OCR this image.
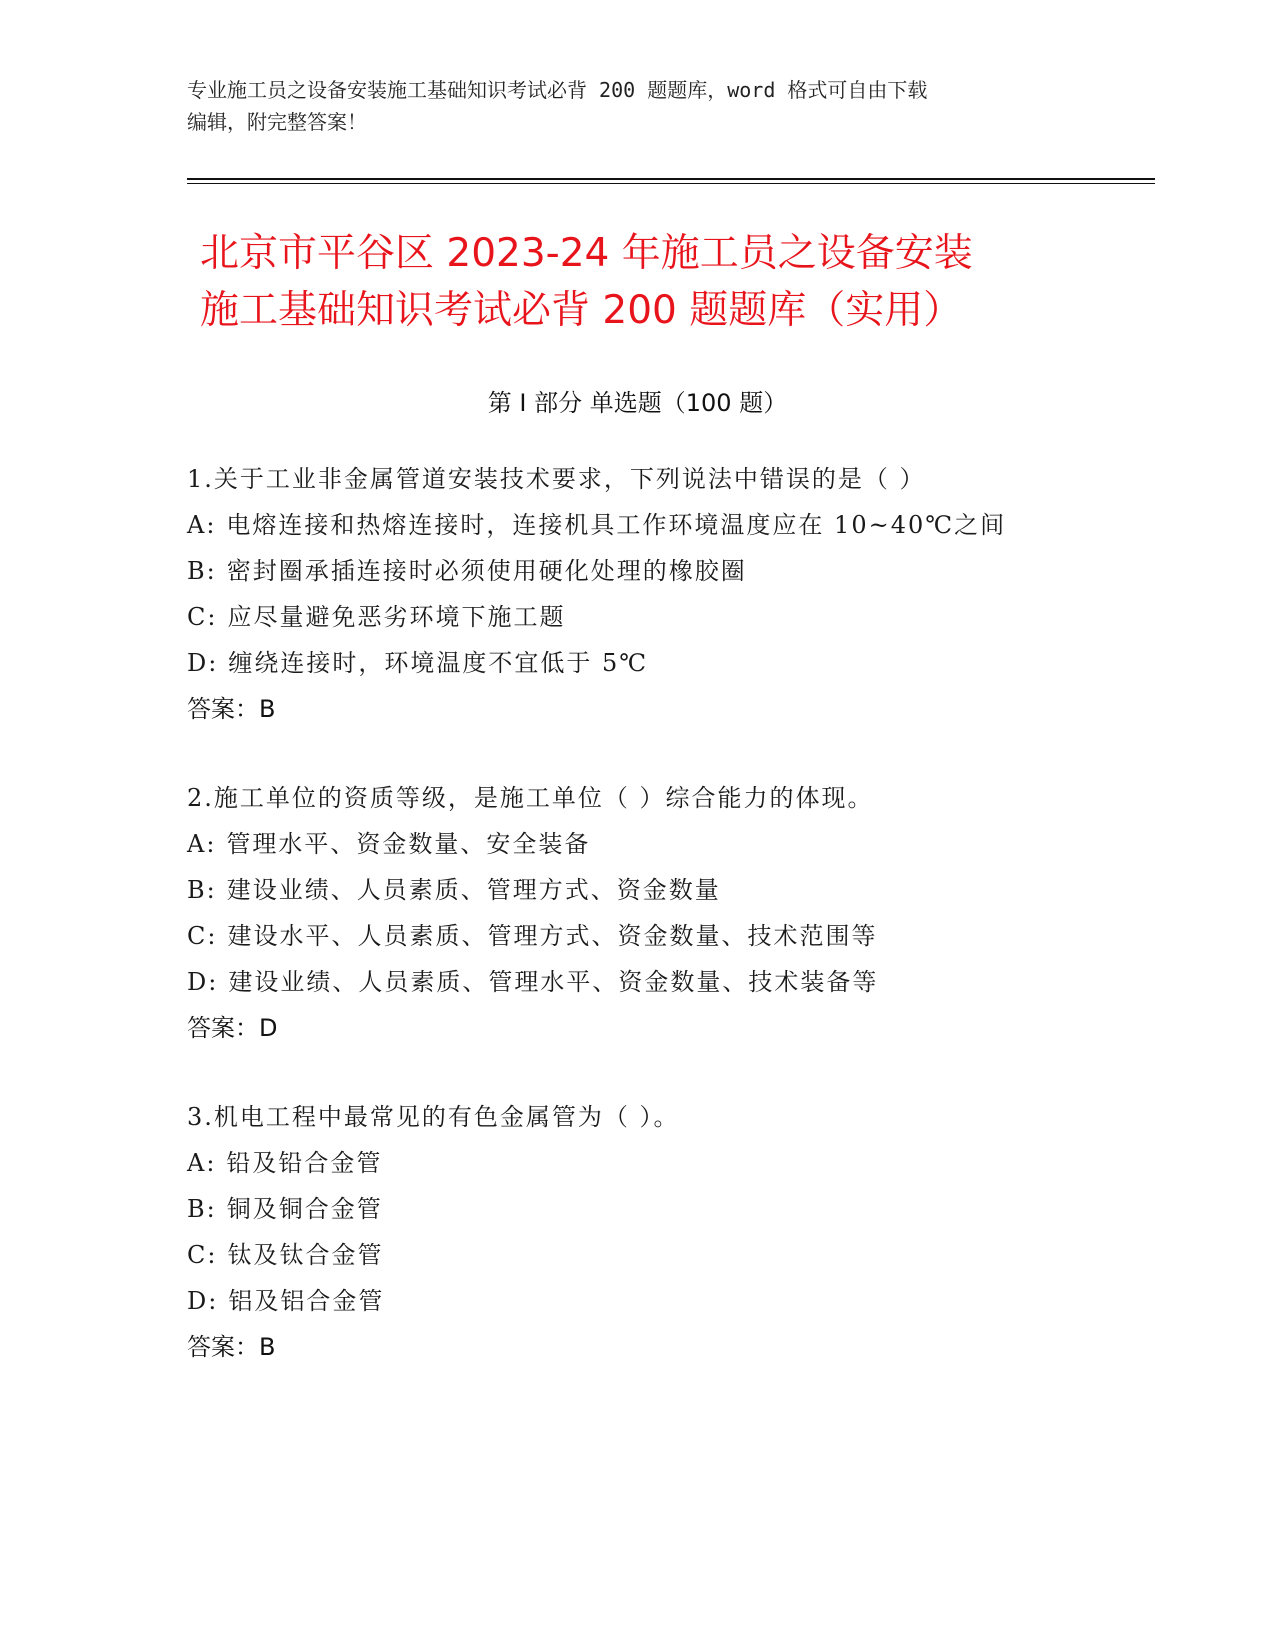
专业施工员之设备安装施工基础知识考试必背 200 题题库，word 格式可自由下载
编辑，附完整答案！
北京市平谷区 2023-24 年施工员之设备安装
施工基础知识考试必背 200 题题库（实用）
第 I 部分 单选题（100 题）
1.关于工业非金属管道安装技术要求，下列说法中错误的是（ ）
A: 电熔连接和热熔连接时，连接机具工作环境温度应在 10~40℃之间
B: 密封圈承插连接时必须使用硬化处理的橡胶圈
C: 应尽量避免恶劣环境下施工题
D: 缠绕连接时，环境温度不宜低于 5℃
答案：B
2.施工单位的资质等级，是施工单位（ ）综合能力的体现。
A: 管理水平、资金数量、安全装备
B: 建设业绩、人员素质、管理方式、资金数量
C: 建设水平、人员素质、管理方式、资金数量、技术范围等
D: 建设业绩、人员素质、管理水平、资金数量、技术装备等
答案：D
3.机电工程中最常见的有色金属管为（ ）。
A: 铅及铅合金管
B: 铜及铜合金管
C: 钛及钛合金管
D: 铝及铝合金管
答案：B
